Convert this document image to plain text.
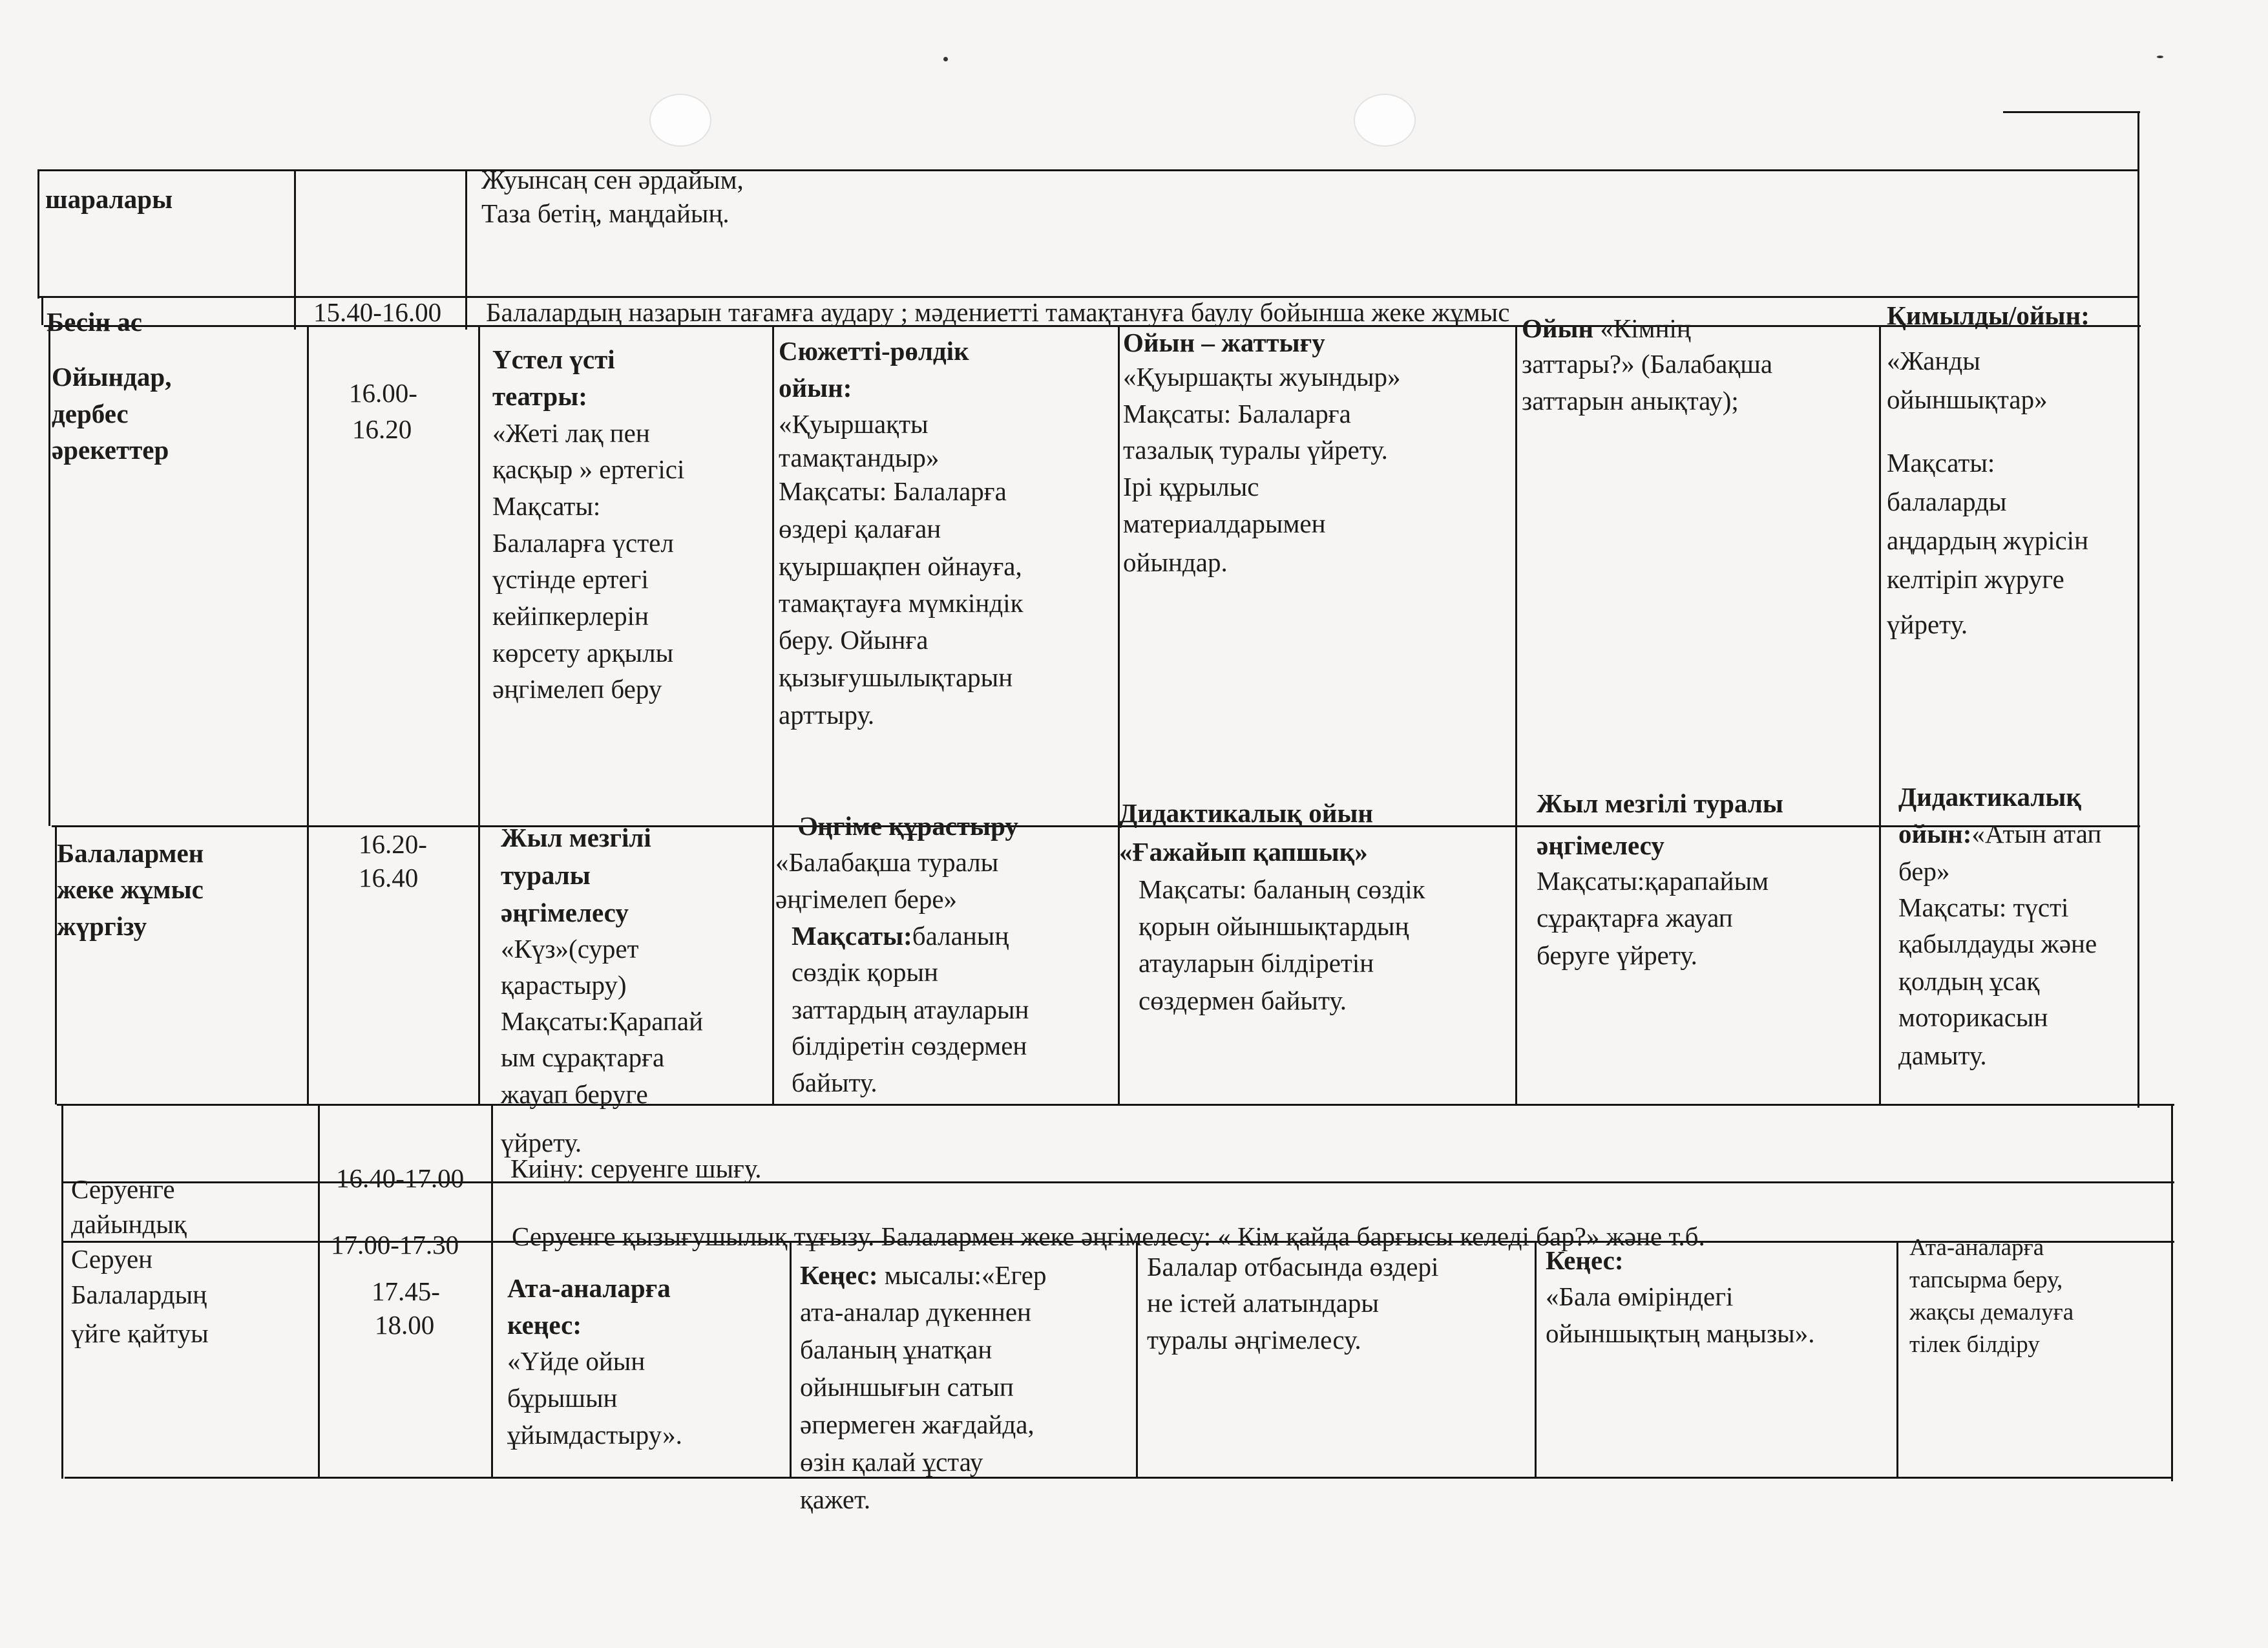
шаралары
Жуынсаң сен әрдайым,
Таза бетің, маңдайың.
Бесін ас	15.40-16.00 Балалардың назарын тағамға аудару ; мәдениетті тамақтануға баулу бойынша жеке жұмыс
Ойындар,
дербес
әрекеттер
16.00-
16.20
Үстел үсті
театры:
«Жеті лақ пен
қасқыр » ертегісі
Мақсаты:
Балаларға үстел
үстінде ертегі
кейіпкерлерін
көрсету арқылы
әңгімелеп беру
Сюжетті-рөлдік
ойын:
«Қуыршақты
тамақтандыр»
Мақсаты: Балаларға
өздері қалаған
қуыршақпен ойнауға,
тамақтауға мүмкіндік
беру. Ойынға
қызығушылықтарын
арттыру.
Ойын – жаттығу
«Қуыршақты жуындыр»
Мақсаты: Балаларға
тазалық туралы үйрету.
Ірі құрылыс
материалдарымен
ойындар.
Ойын «Кімнің
заттары?» (Балабақша
заттарын анықтау);
Қимылды/ойын:
«Жанды
ойыншықтар»
Мақсаты:
балаларды
аңдардың жүрісін
келтіріп жүруге
үйрету.
Балалармен
жеке жұмыс
жүргізу
16.20-
16.40
Жыл мезгілі
туралы
әңгімелесу
«Күз»(сурет
қарастыру)
Мақсаты:Қарапай
ым сұрақтарға
жауап беруге
үйрету.
Әңгіме құрастыру
«Балабақша туралы
әңгімелеп бере»
Мақсаты:баланың
сөздік қорын
заттардың атауларын
білдіретін сөздермен
байыту.
Дидактикалық ойын
«Ғажайып қапшық»
Мақсаты: баланың сөздік
қорын ойыншықтардың
атауларын білдіретін
сөздермен байыту.
Жыл мезгілі туралы
әңгімелесу
Мақсаты:қарапайым
сұрақтарға жауап
беруге үйрету.
Дидактикалық
ойын:«Атын атап
бер»
Мақсаты: түсті
қабылдауды және
қолдың ұсақ
моторикасын
дамыту.
Серуенге
дайындық
16.40-17.00 Киіну: серуенге шығу.
Серуен	17.00-17.30 Серуенге қызығушылық тұғызу. Балалармен жеке әңгімелесу: « Кім қайда барғысы келеді бар?» және т.б.
Балалардың
үйге қайтуы
17.45-
18.00
Ата-аналарға
кеңес:
«Үйде ойын
бұрышын
ұйымдастыру».
Кеңес: мысалы:«Егер
ата-аналар дүкеннен
баланың ұнатқан
ойыншығын сатып
әпермеген жағдайда,
өзін қалай ұстау
қажет.
Балалар отбасында өздері
не істей алатындары
туралы әңгімелесу.
Кеңес:
«Бала өміріндегі
ойыншықтың маңызы».
Ата-аналарға
тапсырма беру,
жақсы демалуға
тілек білдіру
